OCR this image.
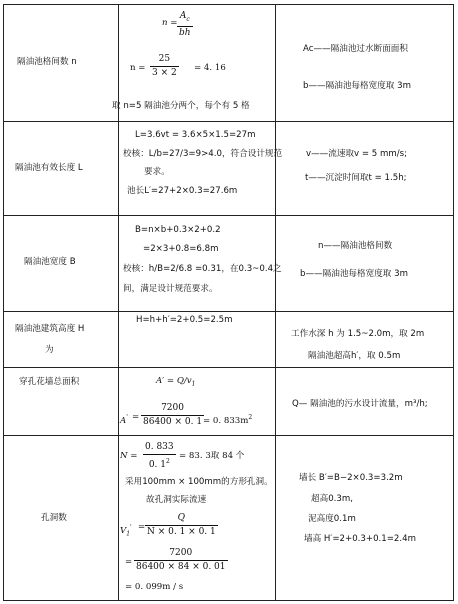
隔油池格间数 n
n =
$A_c$
bh
n =
25
3 × 2 = 4. 16
取 n=5 隔油池分两个，每个有 5 格
Ac——隔油池过水断面面积
b——隔油池每格宽度取 3m
隔油池有效长度 L
L=3.6vt = 3.6×5×1.5=27m
校核：L/b=27/3=9>4.0，符合设计规范
要求。
池长L′=27+2×0.3=27.6m
v——流速取v = 5 mm/s;
t——沉淀时间取t = 1.5h;
隔油池宽度 B
B=n×b+0.3×2+0.2
=2×3+0.8=6.8m
校核：h/B=2/6.8 =0.31，在0.3~0.4之
间，满足设计规范要求。
n——隔油池格间数
b——隔油池每格宽度取 3m
隔油池建筑高度 H
为
H=h+h′=2+0.5=2.5m
工作水深 h 为 1.5~2.0m，取 2m
隔油池超高h′，取 0.5m
穿孔花墙总面积	$A' = Q/v_1$
A' =
7200
86400 × 0. 1 = 0. $833m^2$
Q— 隔油池的污水设计流量，m³/h;
孔洞数
N =
0. 833
0. $1^2$
= 83. 3取 84 个
采用100mm × 100mm的方形孔洞。
故孔洞实际流速
$V_1'$ =
Q
N × 0. 1 × 0. 1
=
7200
86400 × 84 × 0. 01
= 0. 099m / s
墙长 B′=B−2×0.3=3.2m
超高0.3m,
泥高度0.1m
墙高 H′=2+0.3+0.1=2.4m
